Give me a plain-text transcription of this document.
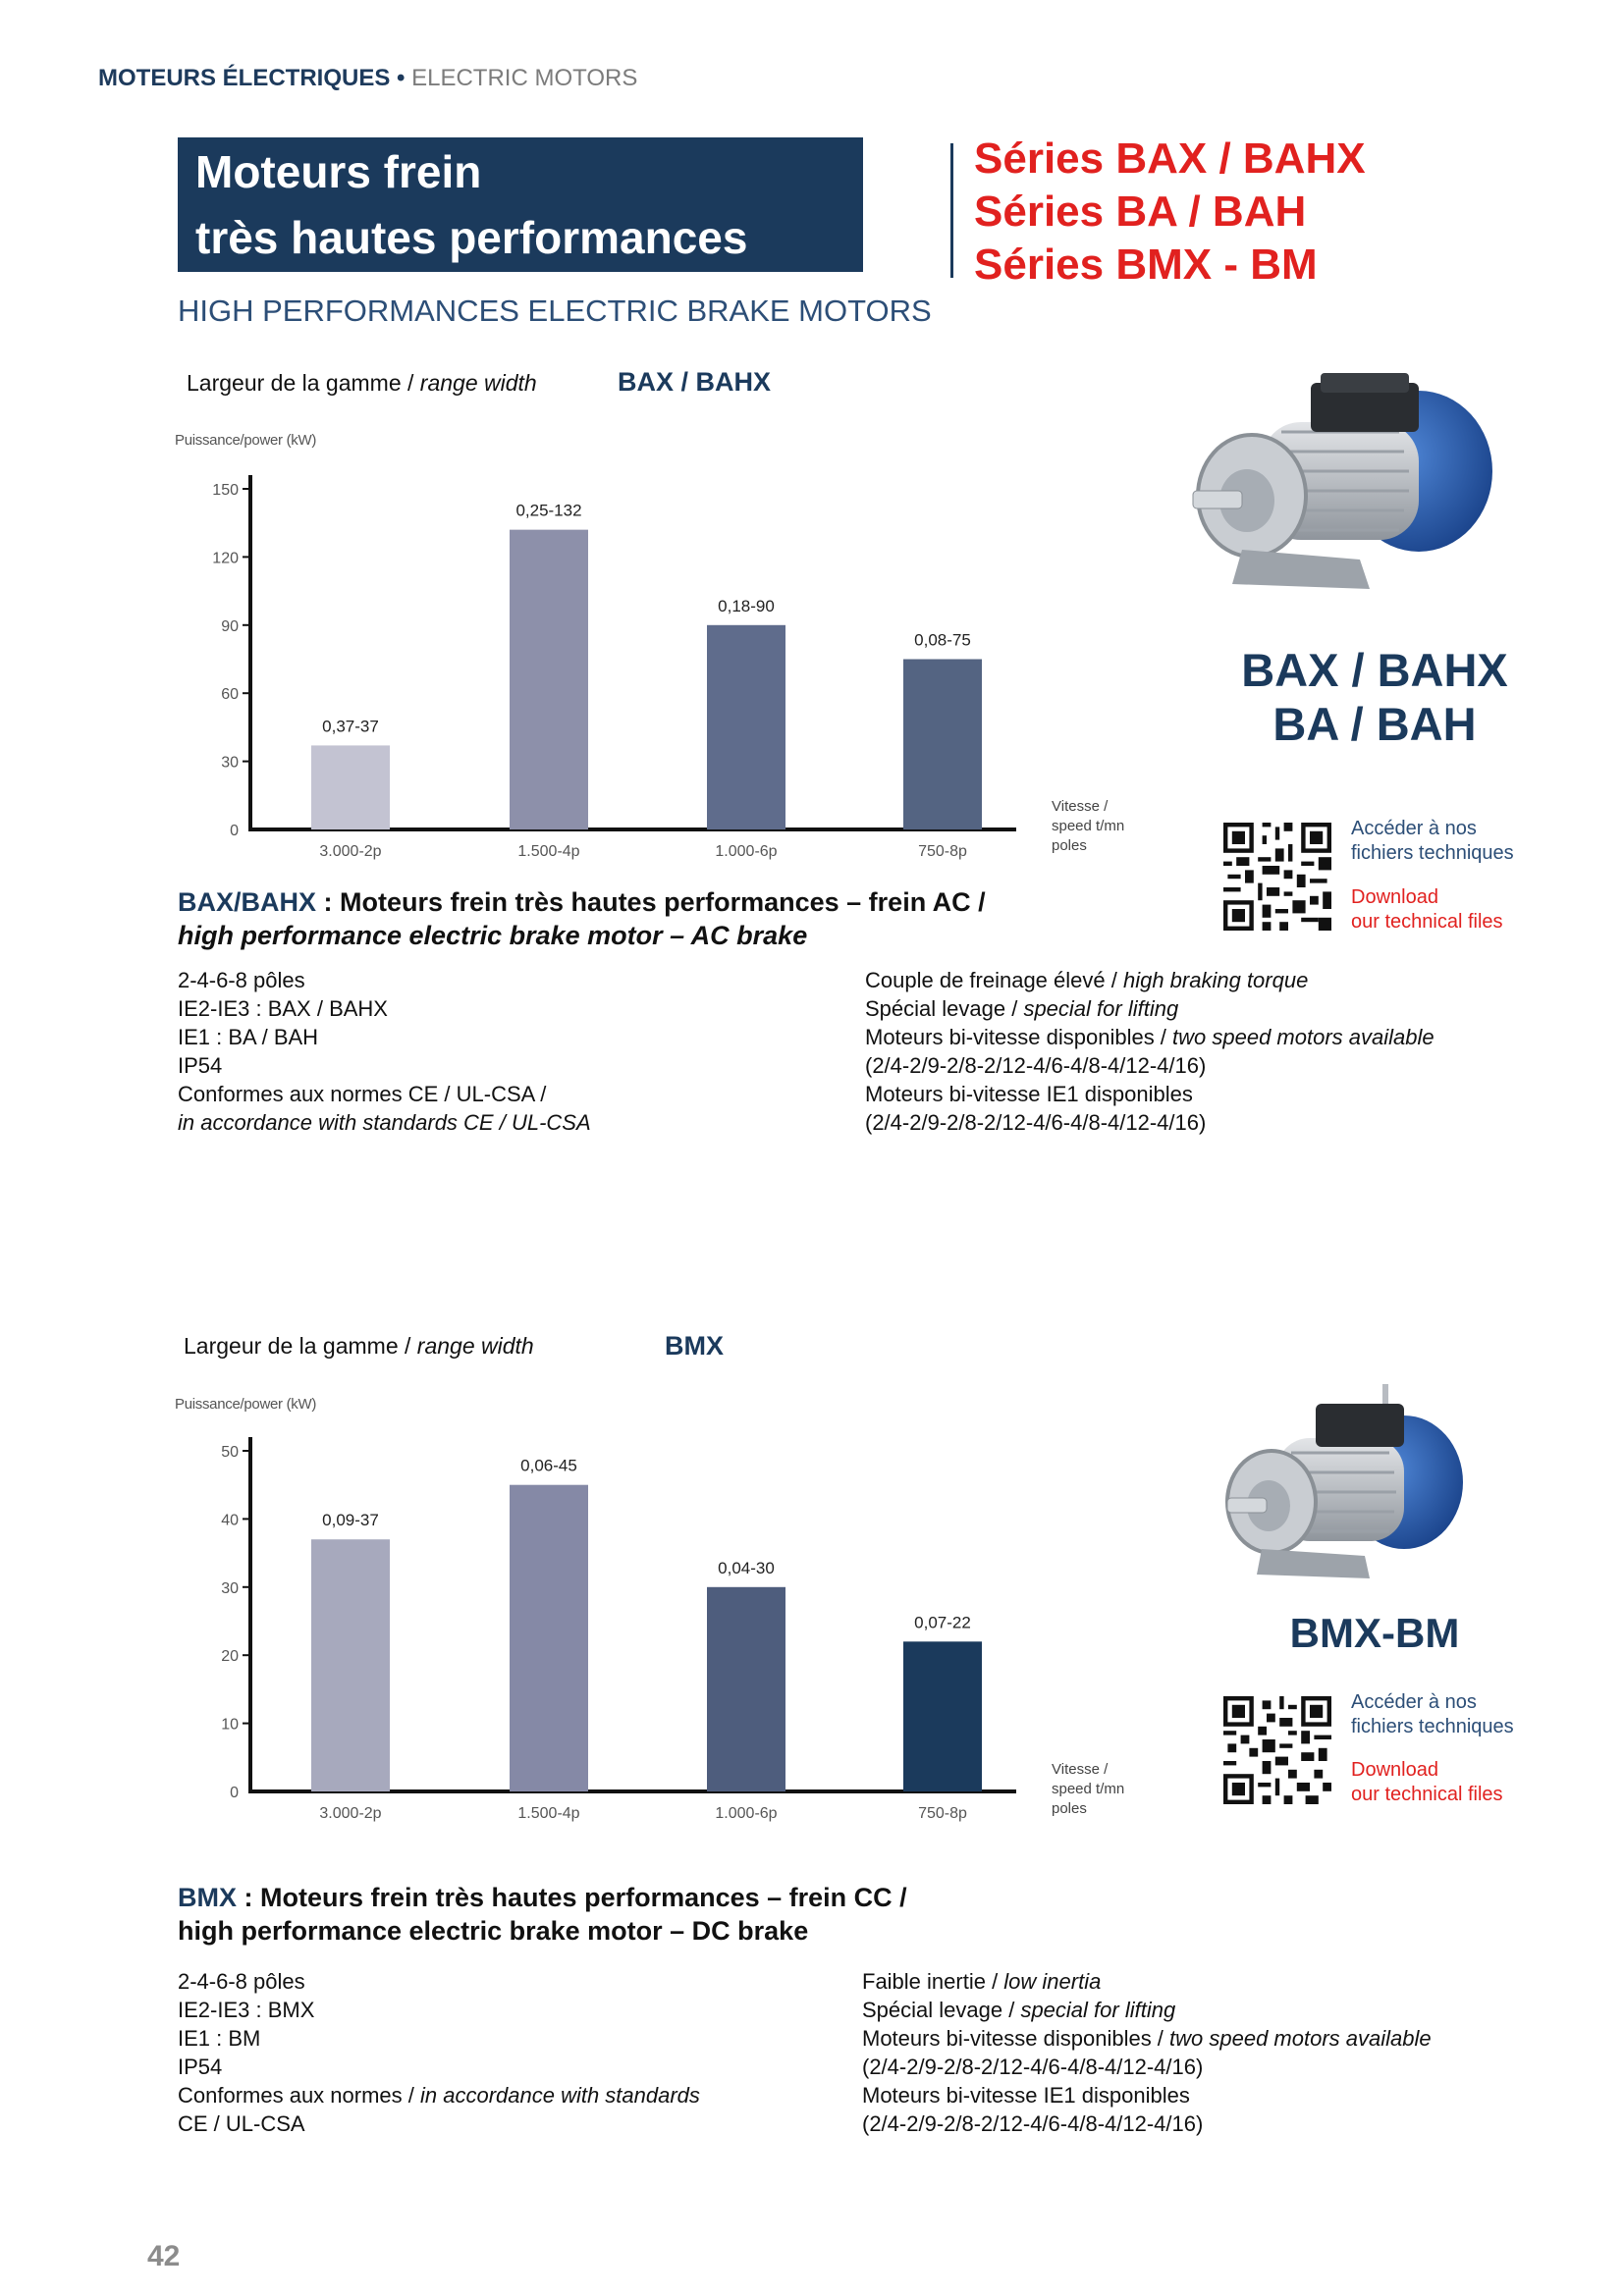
MOTEURS ÉLECTRIQUES • ELECTRIC MOTORS
Moteurs frein
très hautes performances
Séries BAX / BAHX
Séries BA / BAH
Séries BMX - BM
HIGH PERFORMANCES ELECTRIC BRAKE MOTORS
Largeur de la gamme / range width	BAX / BAHX
Puissance/power (kW)
0
30
60
90
120
150
0,37-37
3.000-2p
0,25-132
1.500-4p
0,18-90
1.000-6p
0,08-75
750-8p
Vitesse /
speed t/mn
poles
BAX / BAHX
BA / BAH
Accéder à nos
fichiers techniques
Download
our technical files
BAX/BAHX : Moteurs frein très hautes performances – frein AC /
high performance electric brake motor – AC brake
2-4-6-8 pôles
IE2-IE3 : BAX / BAHX
IE1 : BA / BAH
IP54
Conformes aux normes CE / UL-CSA /
in accordance with standards CE / UL-CSA
Couple de freinage élevé / high braking torque
Spécial levage / special for lifting
Moteurs bi-vitesse disponibles / two speed motors available
(2/4-2/9-2/8-2/12-4/6-4/8-4/12-4/16)
Moteurs bi-vitesse IE1 disponibles
(2/4-2/9-2/8-2/12-4/6-4/8-4/12-4/16)
Largeur de la gamme / range width	BMX
Puissance/power (kW)
0
10
20
30
40
50
0,09-37
3.000-2p
0,06-45
1.500-4p
0,04-30
1.000-6p
0,07-22
750-8p
Vitesse /
speed t/mn
poles
BMX-BM
Accéder à nos
fichiers techniques
Download
our technical files
BMX : Moteurs frein très hautes performances – frein CC /
high performance electric brake motor – DC brake
2-4-6-8 pôles
IE2-IE3 : BMX
IE1 : BM
IP54
Conformes aux normes / in accordance with standards
CE / UL-CSA
Faible inertie / low inertia
Spécial levage / special for lifting
Moteurs bi-vitesse disponibles / two speed motors available
(2/4-2/9-2/8-2/12-4/6-4/8-4/12-4/16)
Moteurs bi-vitesse IE1 disponibles
(2/4-2/9-2/8-2/12-4/6-4/8-4/12-4/16)
42
